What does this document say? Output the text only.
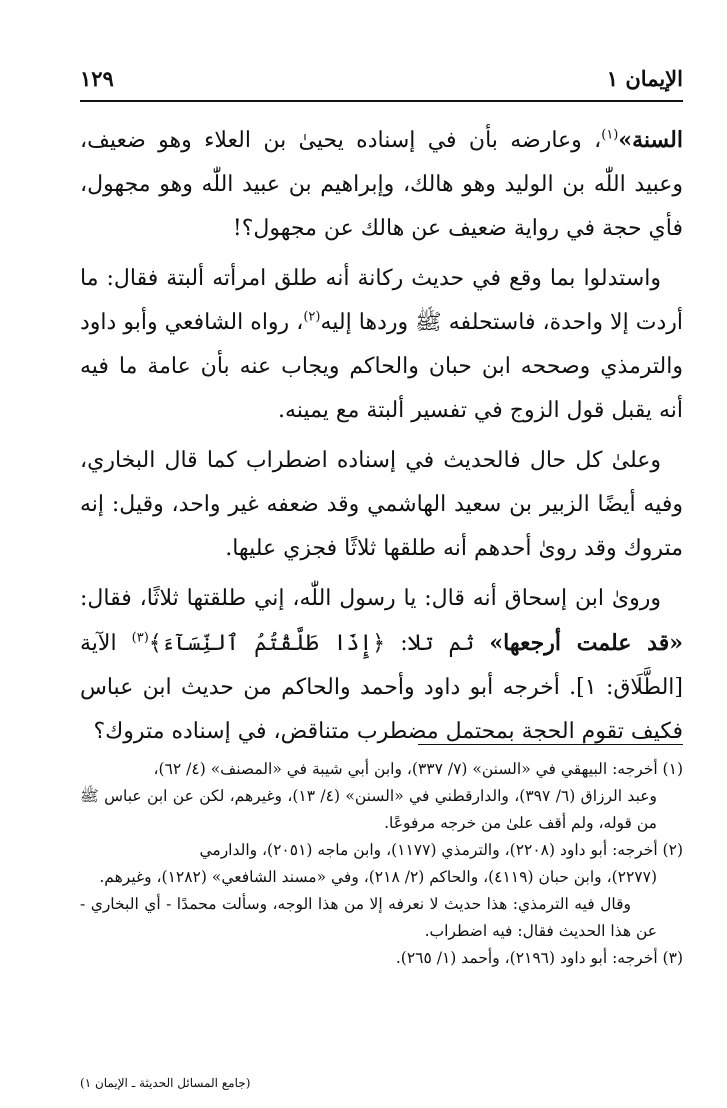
الإيمان ١
١٢٩

السنة»$^{(١)}$، وعارضه بأن في إسناده يحيىٰ بن العلاء وهو ضعيف، وعبيد اللّٰه بن الوليد وهو هالك، وإبراهيم بن عبيد اللّٰه وهو مجهول، فأي حجة في رواية ضعيف عن هالك عن مجهول؟!

واستدلوا بما وقع في حديث ركانة أنه طلق امرأته ألبتة فقال: ما أردت إلا واحدة، فاستحلفه ﷺ وردها إليه$^{(٢)}$، رواه الشافعي وأبو داود والترمذي وصححه ابن حبان والحاكم ويجاب عنه بأن عامة ما فيه أنه يقبل قول الزوج في تفسير ألبتة مع يمينه.

وعلىٰ كل حال فالحديث في إسناده اضطراب كما قال البخاري، وفيه أيضًا الزبير بن سعيد الهاشمي وقد ضعفه غير واحد، وقيل: إنه متروك وقد روىٰ أحدهم أنه طلقها ثلاثًا فجزي عليها.

وروىٰ ابن إسحاق أنه قال: يا رسول اللّٰه، إني طلقتها ثلاثًا، فقال: «قد علمت أرجعها» ثم تلا: ﴿إِذَا طَلَّقْتُمُ ٱلنِّسَآءَ﴾$^{(٣)}$ الآية [الطَّلَاق: ١]. أخرجه أبو داود وأحمد والحاكم من حديث ابن عباس فكيف تقوم الحجة بمحتمل مضطرب متناقض، في إسناده متروك؟

(١) أخرجه: البيهقي في «السنن» (٧/ ٣٣٧)، وابن أبي شيبة في «المصنف» (٤/ ٦٢)،

وعبد الرزاق (٦/ ٣٩٧)، والدارقطني في «السنن» (٤/ ١٣)، وغيرهم، لكن عن ابن عباس ﷺ من قوله، ولم أقف علىٰ من خرجه مرفوعًا.

(٢) أخرجه: أبو داود (٢٢٠٨)، والترمذي (١١٧٧)، وابن ماجه (٢٠٥١)، والدارمي

(٢٢٧٧)، وابن حبان (٤١١٩)، والحاكم (٢/ ٢١٨)، وفي «مسند الشافعي» (١٢٨٢)، وغيرهم.

وقال فيه الترمذي: هذا حديث لا نعرفه إلا من هذا الوجه، وسألت محمدًا - أي البخاري - عن هذا الحديث فقال: فيه اضطراب.

(٣) أخرجه: أبو داود (٢١٩٦)، وأحمد (١/ ٢٦٥).

(جامع المسائل الحديثة ـ الإيمان ١)
